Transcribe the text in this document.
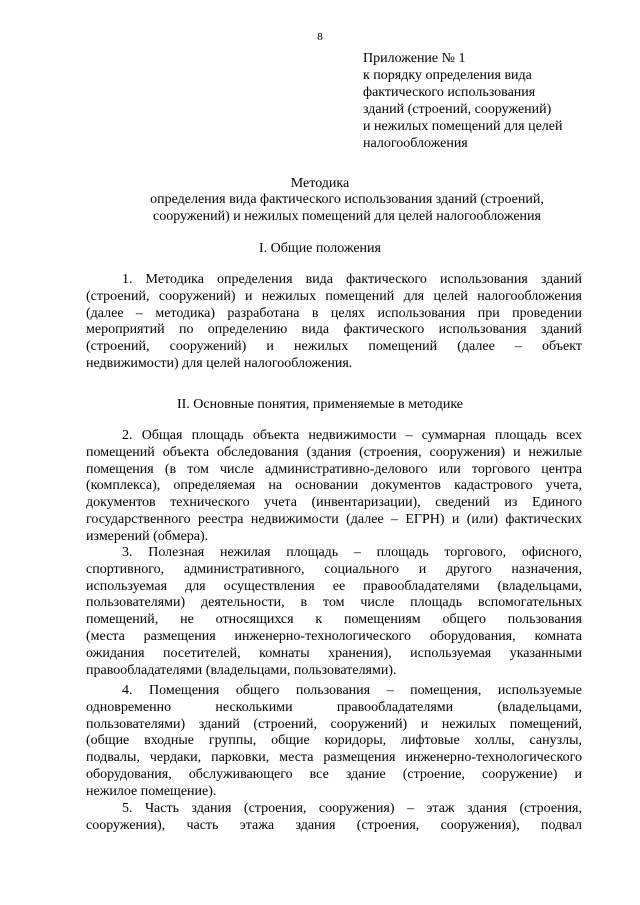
8
Приложение № 1
к порядку определения вида
фактического использования
зданий (строений, сооружений)
и нежилых помещений для целей
налогообложения
Методика
определения вида фактического использования зданий (строений,
сооружений) и нежилых помещений для целей налогообложения
I. Общие положения
1. Методика определения вида фактического использования зданий
(строений, сооружений) и нежилых помещений для целей налогообложения
(далее – методика) разработана в целях использования при проведении
мероприятий по определению вида фактического использования зданий
(строений, сооружений) и нежилых помещений (далее – объект
недвижимости) для целей налогообложения.
II. Основные понятия, применяемые в методике
2. Общая площадь объекта недвижимости – суммарная площадь всех
помещений объекта обследования (здания (строения, сооружения) и нежилые
помещения (в том числе административно-делового или торгового центра
(комплекса), определяемая на основании документов кадастрового учета,
документов технического учета (инвентаризации), сведений из Единого
государственного реестра недвижимости (далее – ЕГРН) и (или) фактических
измерений (обмера).
3. Полезная нежилая площадь – площадь торгового, офисного,
спортивного, административного, социального и другого назначения,
используемая для осуществления ее правообладателями (владельцами,
пользователями) деятельности, в том числе площадь вспомогательных
помещений, не относящихся к помещениям общего пользования
(места размещения инженерно-технологического оборудования, комната
ожидания посетителей, комнаты хранения), используемая указанными
правообладателями (владельцами, пользователями).
4. Помещения общего пользования – помещения, используемые
одновременно несколькими правообладателями (владельцами,
пользователями) зданий (строений, сооружений) и нежилых помещений,
(общие входные группы, общие коридоры, лифтовые холлы, санузлы,
подвалы, чердаки, парковки, места размещения инженерно-технологического
оборудования, обслуживающего все здание (строение, сооружение) и
нежилое помещение).
5. Часть здания (строения, сооружения) – этаж здания (строения,
сооружения), часть этажа здания (строения, сооружения), подвал
